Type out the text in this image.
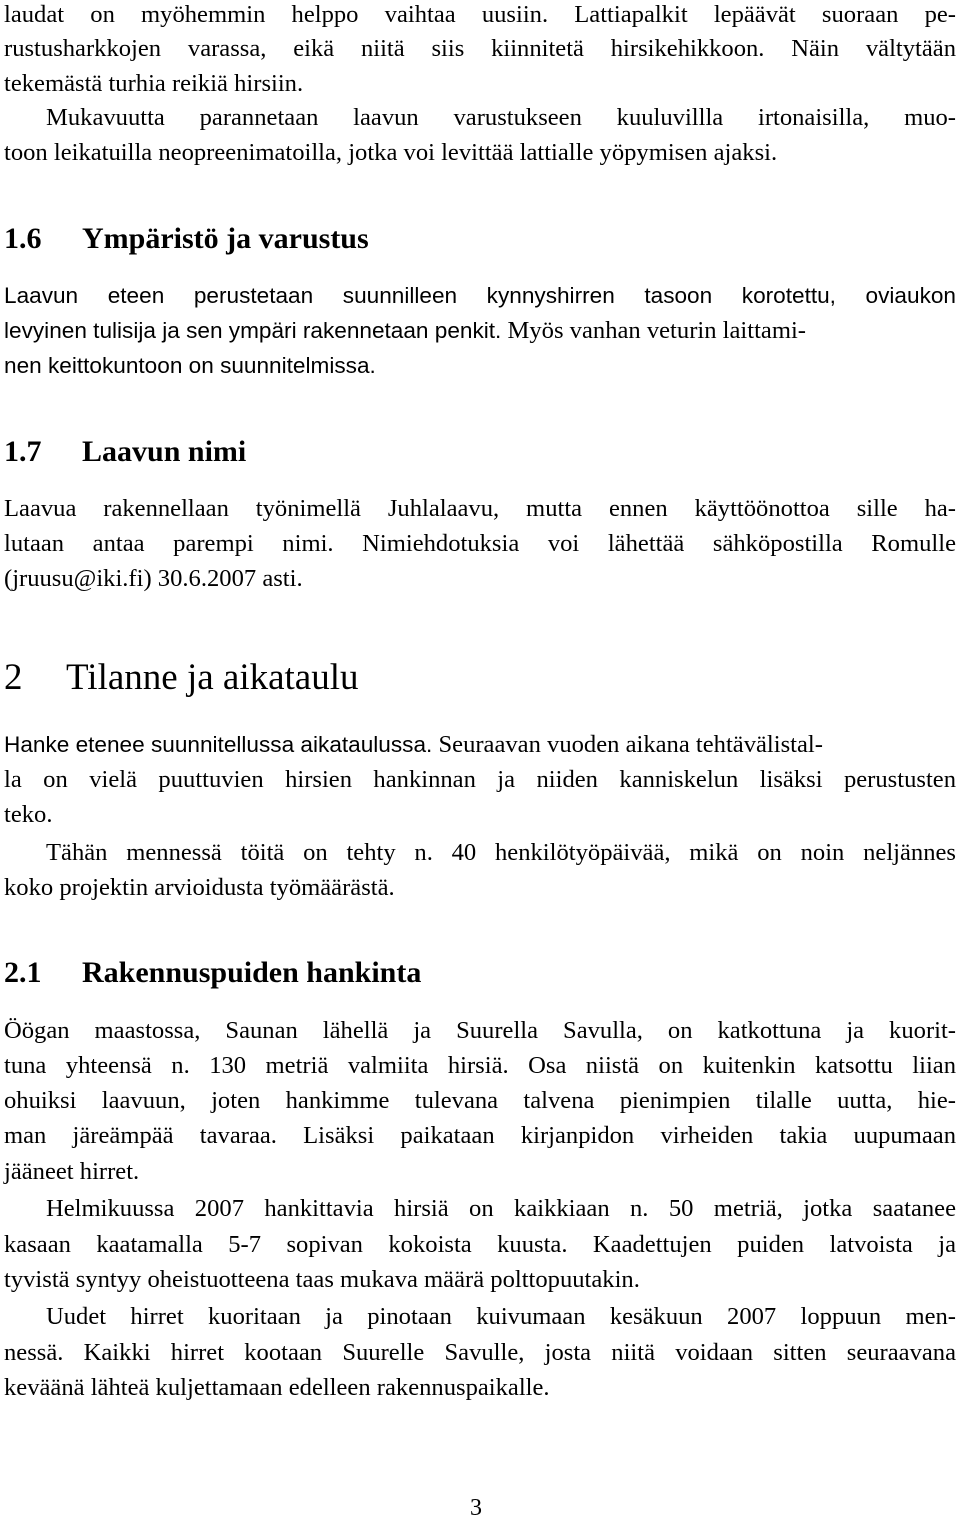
laudat on myöhemmin helppo vaihtaa uusiin. Lattiapalkit lepäävät suoraan pe-
rustusharkkojen varassa, eikä niitä siis kiinnitetä hirsikehikkoon. Näin vältytään
tekemästä turhia reikiä hirsiin.
Mukavuutta parannetaan laavun varustukseen kuuluvillla irtonaisilla, muo-
toon leikatuilla neopreenimatoilla, jotka voi levittää lattialle yöpymisen ajaksi.
1.6 Ympäristö ja varustus
Laavun eteen perustetaan suunnilleen kynnyshirren tasoon korotettu, oviaukon
levyinen tulisija ja sen ympäri rakennetaan penkit. Myös vanhan veturin laittami-
nen keittokuntoon on suunnitelmissa.
1.7 Laavun nimi
Laavua rakennellaan työnimellä Juhlalaavu, mutta ennen käyttöönottoa sille ha-
lutaan antaa parempi nimi. Nimiehdotuksia voi lähettää sähköpostilla Romulle
(jruusu@iki.fi) 30.6.2007 asti.
2 Tilanne ja aikataulu
Hanke etenee suunnitellussa aikataulussa. Seuraavan vuoden aikana tehtävälistal-
la on vielä puuttuvien hirsien hankinnan ja niiden kanniskelun lisäksi perustusten
teko.
Tähän mennessä töitä on tehty n. 40 henkilötyöpäivää, mikä on noin neljännes
koko projektin arvioidusta työmäärästä.
2.1 Rakennuspuiden hankinta
Öögan maastossa, Saunan lähellä ja Suurella Savulla, on katkottuna ja kuorit-
tuna yhteensä n. 130 metriä valmiita hirsiä. Osa niistä on kuitenkin katsottu liian
ohuiksi laavuun, joten hankimme tulevana talvena pienimpien tilalle uutta, hie-
man järeämpää tavaraa. Lisäksi paikataan kirjanpidon virheiden takia uupumaan
jääneet hirret.
Helmikuussa 2007 hankittavia hirsiä on kaikkiaan n. 50 metriä, jotka saatanee
kasaan kaatamalla 5-7 sopivan kokoista kuusta. Kaadettujen puiden latvoista ja
tyvistä syntyy oheistuotteena taas mukava määrä polttopuutakin.
Uudet hirret kuoritaan ja pinotaan kuivumaan kesäkuun 2007 loppuun men-
nessä. Kaikki hirret kootaan Suurelle Savulle, josta niitä voidaan sitten seuraavana
keväänä lähteä kuljettamaan edelleen rakennuspaikalle.
3
